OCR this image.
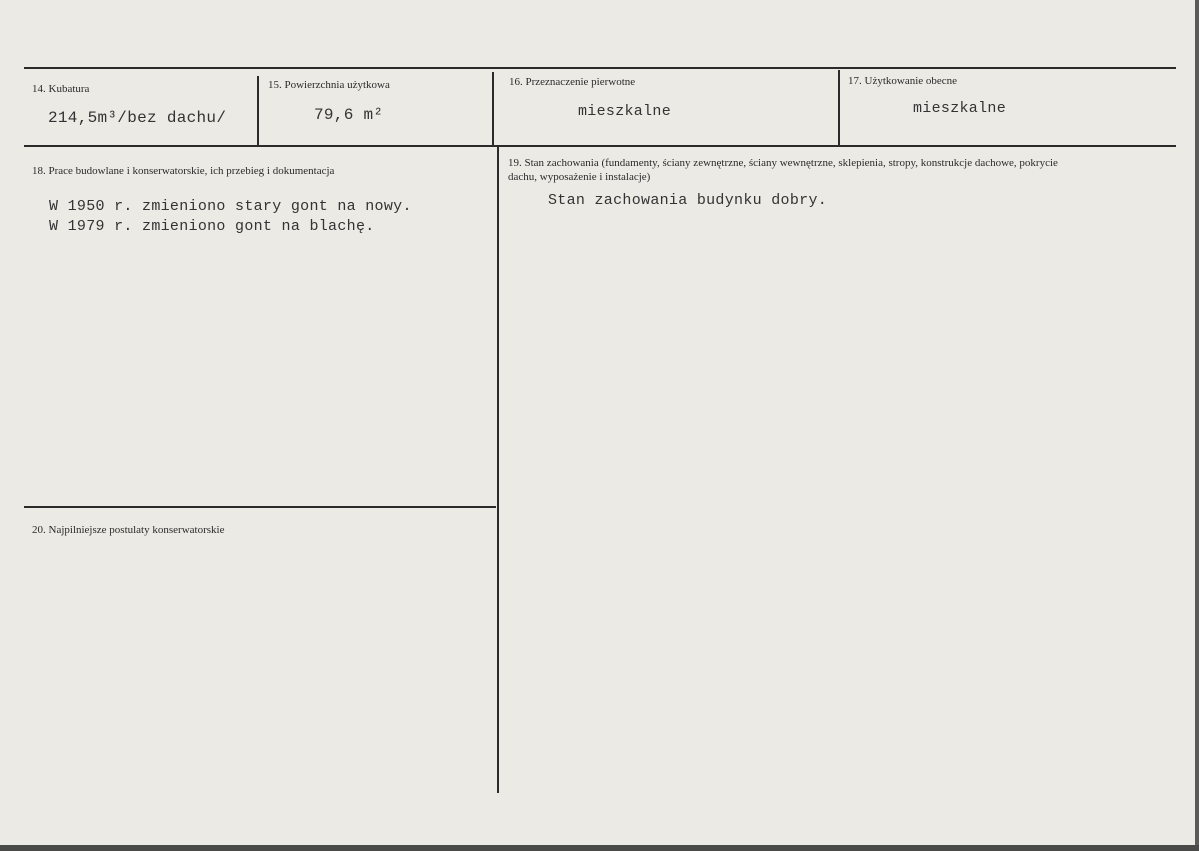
14. Kubatura
214,5m³/bez dachu/
15. Powierzchnia użytkowa
79,6 m²
16. Przeznaczenie pierwotne
mieszkalne
17. Użytkowanie obecne
mieszkalne
18. Prace budowlane i konserwatorskie, ich przebieg i dokumentacja
W 1950 r. zmieniono stary gont na nowy.
W 1979 r. zmieniono gont na blachę.
19. Stan zachowania (fundamenty, ściany zewnętrzne, ściany wewnętrzne, sklepienia, stropy, konstrukcje dachowe, pokrycie dachu, wyposażenie i instalacje)
Stan zachowania budynku dobry.
20. Najpilniejsze postulaty konserwatorskie
